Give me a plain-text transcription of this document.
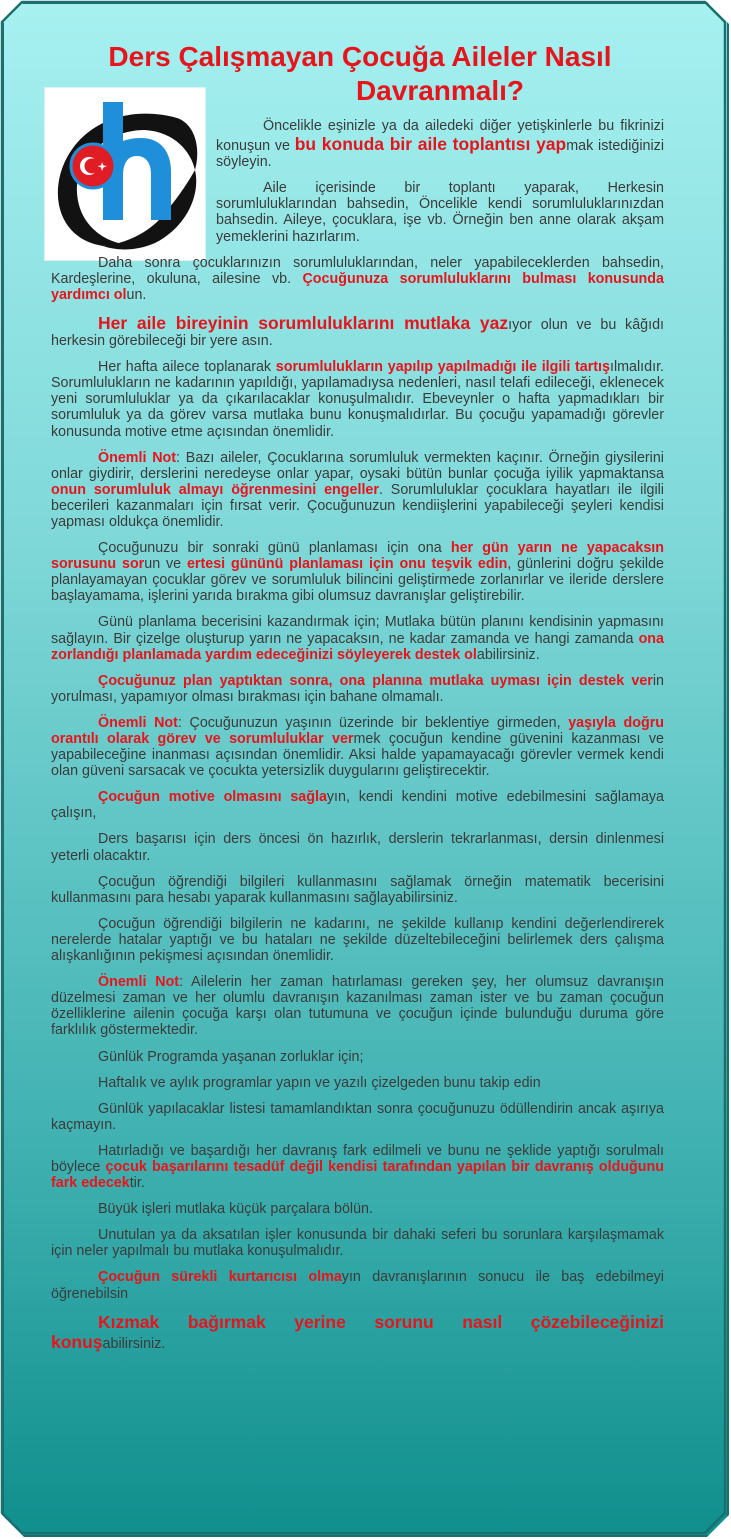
Ders Çalışmayan Çocuğa Aileler Nasıl
Davranmalı?

Öncelikle eşinizle ya da ailedeki diğer yetişkinlerle bu fikrinizi konuşun ve bu konuda bir aile toplantısı yapmak istediğinizi söyleyin.

Aile içerisinde bir toplantı yaparak, Herkesin sorumluluklarından bahsedin, Öncelikle kendi sorumluluklarınızdan bahsedin. Aileye, çocuklara, işe vb. Örneğin ben anne olarak akşam yemeklerini hazırlarım.

Daha sonra çocuklarınızın sorumluluklarından, neler yapabileceklerden bahsedin, Kardeşlerine, okuluna, ailesine vb. Çocuğunuza sorumluluklarını bulması konusunda yardımcı olun.

Her aile bireyinin sorumluluklarını mutlaka yazıyor olun ve bu kâğıdı herkesin görebileceği bir yere asın.

Her hafta ailece toplanarak sorumlulukların yapılıp yapılmadığı ile ilgili tartışılmalıdır. Sorumlulukların ne kadarının yapıldığı, yapılamadıysa nedenleri, nasıl telafi edileceği, eklenecek yeni sorumluluklar ya da çıkarılacaklar konuşulmalıdır. Ebeveynler o hafta yapmadıkları bir sorumluluk ya da görev varsa mutlaka bunu konuşmalıdırlar. Bu çocuğu yapamadığı görevler konusunda motive etme açısından önemlidir.

Önemli Not: Bazı aileler, Çocuklarına sorumluluk vermekten kaçınır. Örneğin giysilerini onlar giydirir, derslerini neredeyse onlar yapar, oysaki bütün bunlar çocuğa iyilik yapmaktansa onun sorumluluk almayı öğrenmesini engeller. Sorumluluklar çocuklara hayatları ile ilgili becerileri kazanmaları için fırsat verir. Çocuğunuzun kendiişlerini yapabileceği şeyleri kendisi yapması oldukça önemlidir.

Çocuğunuzu bir sonraki günü planlaması için ona her gün yarın ne yapacaksın sorusunu sorun ve ertesi gününü planlaması için onu teşvik edin, günlerini doğru şekilde planlayamayan çocuklar görev ve sorumluluk bilincini geliştirmede zorlanırlar ve ileride derslere başlayamama, işlerini yarıda bırakma gibi olumsuz davranışlar geliştirebilir.

Günü planlama becerisini kazandırmak için; Mutlaka bütün planını kendisinin yapmasını sağlayın. Bir çizelge oluşturup yarın ne yapacaksın, ne kadar zamanda ve hangi zamanda ona zorlandığı planlamada yardım edeceğinizi söyleyerek destek olabilirsiniz.

Çocuğunuz plan yaptıktan sonra, ona planına mutlaka uyması için destek verin yorulması, yapamıyor olması bırakması için bahane olmamalı.

Önemli Not: Çocuğunuzun yaşının üzerinde bir beklentiye girmeden, yaşıyla doğru orantılı olarak görev ve sorumluluklar vermek çocuğun kendine güvenini kazanması ve yapabileceğine inanması açısından önemlidir. Aksi halde yapamayacağı görevler vermek kendi olan güveni sarsacak ve çocukta yetersizlik duygularını geliştirecektir.

Çocuğun motive olmasını sağlayın, kendi kendini motive edebilmesini sağlamaya çalışın,

Ders başarısı için ders öncesi ön hazırlık, derslerin tekrarlanması, dersin dinlenmesi yeterli olacaktır.

Çocuğun öğrendiği bilgileri kullanmasını sağlamak örneğin matematik becerisini kullanmasını para hesabı yaparak kullanmasını sağlayabilirsiniz.

Çocuğun öğrendiği bilgilerin ne kadarını, ne şekilde kullanıp kendini değerlendirerek nerelerde hatalar yaptığı ve bu hataları ne şekilde düzeltebileceğini belirlemek ders çalışma alışkanlığının pekişmesi açısından önemlidir.

Önemli Not: Ailelerin her zaman hatırlaması gereken şey, her olumsuz davranışın düzelmesi zaman ve her olumlu davranışın kazanılması zaman ister ve bu zaman çocuğun özelliklerine ailenin çocuğa karşı olan tutumuna ve çocuğun içinde bulunduğu duruma göre farklılık göstermektedir.

Günlük Programda yaşanan zorluklar için;

Haftalık ve aylık programlar yapın ve yazılı çizelgeden bunu takip edin

Günlük yapılacaklar listesi tamamlandıktan sonra çocuğunuzu ödüllendirin ancak aşırıya kaçmayın.

Hatırladığı ve başardığı her davranış fark edilmeli ve bunu ne şeklide yaptığı sorulmalı böylece çocuk başarılarını tesadüf değil kendisi tarafından yapılan bir davranış olduğunu fark edecektir.

Büyük işleri mutlaka küçük parçalara bölün.

Unutulan ya da aksatılan işler konusunda bir dahaki seferi bu sorunlara karşılaşmamak için neler yapılmalı bu mutlaka konuşulmalıdır.

Çocuğun sürekli kurtarıcısı olmayın davranışlarının sonucu ile baş edebilmeyi öğrenebilsin

Kızmak bağırmak yerine sorunu nasıl çözebileceğinizi konuşabilirsiniz.
